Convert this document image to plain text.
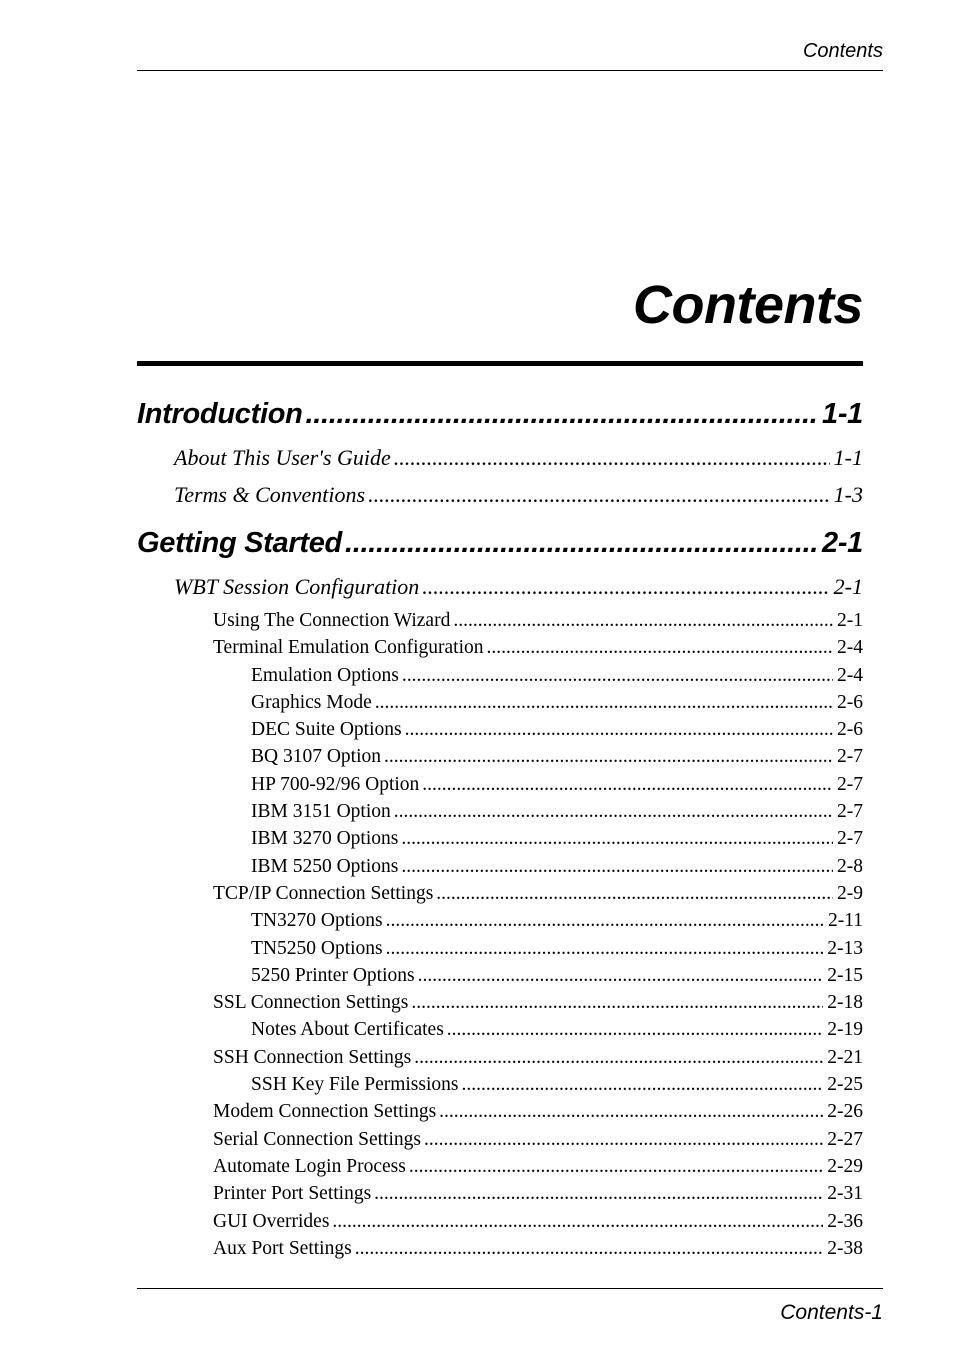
Contents
Contents
Introduction .....	1-1
About This User's Guide .....	1-1
Terms & Conventions .....	1-3
Getting Started .....	2-1
WBT Session Configuration .....	2-1
Using The Connection Wizard .....	2-1
Terminal Emulation Configuration .....	2-4
Emulation Options .....	2-4
Graphics Mode .....	2-6
DEC Suite Options .....	2-6
BQ 3107 Option .....	2-7
HP 700-92/96 Option .....	2-7
IBM 3151 Option .....	2-7
IBM 3270 Options .....	2-7
IBM 5250 Options .....	2-8
TCP/IP Connection Settings .....	2-9
TN3270 Options .....	2-11
TN5250 Options .....	2-13
5250 Printer Options .....	2-15
SSL Connection Settings .....	2-18
Notes About Certificates .....	2-19
SSH Connection Settings .....	2-21
SSH Key File Permissions .....	2-25
Modem Connection Settings .....	2-26
Serial Connection Settings .....	2-27
Automate Login Process .....	2-29
Printer Port Settings .....	2-31
GUI Overrides .....	2-36
Aux Port Settings .....	2-38
Contents-1
